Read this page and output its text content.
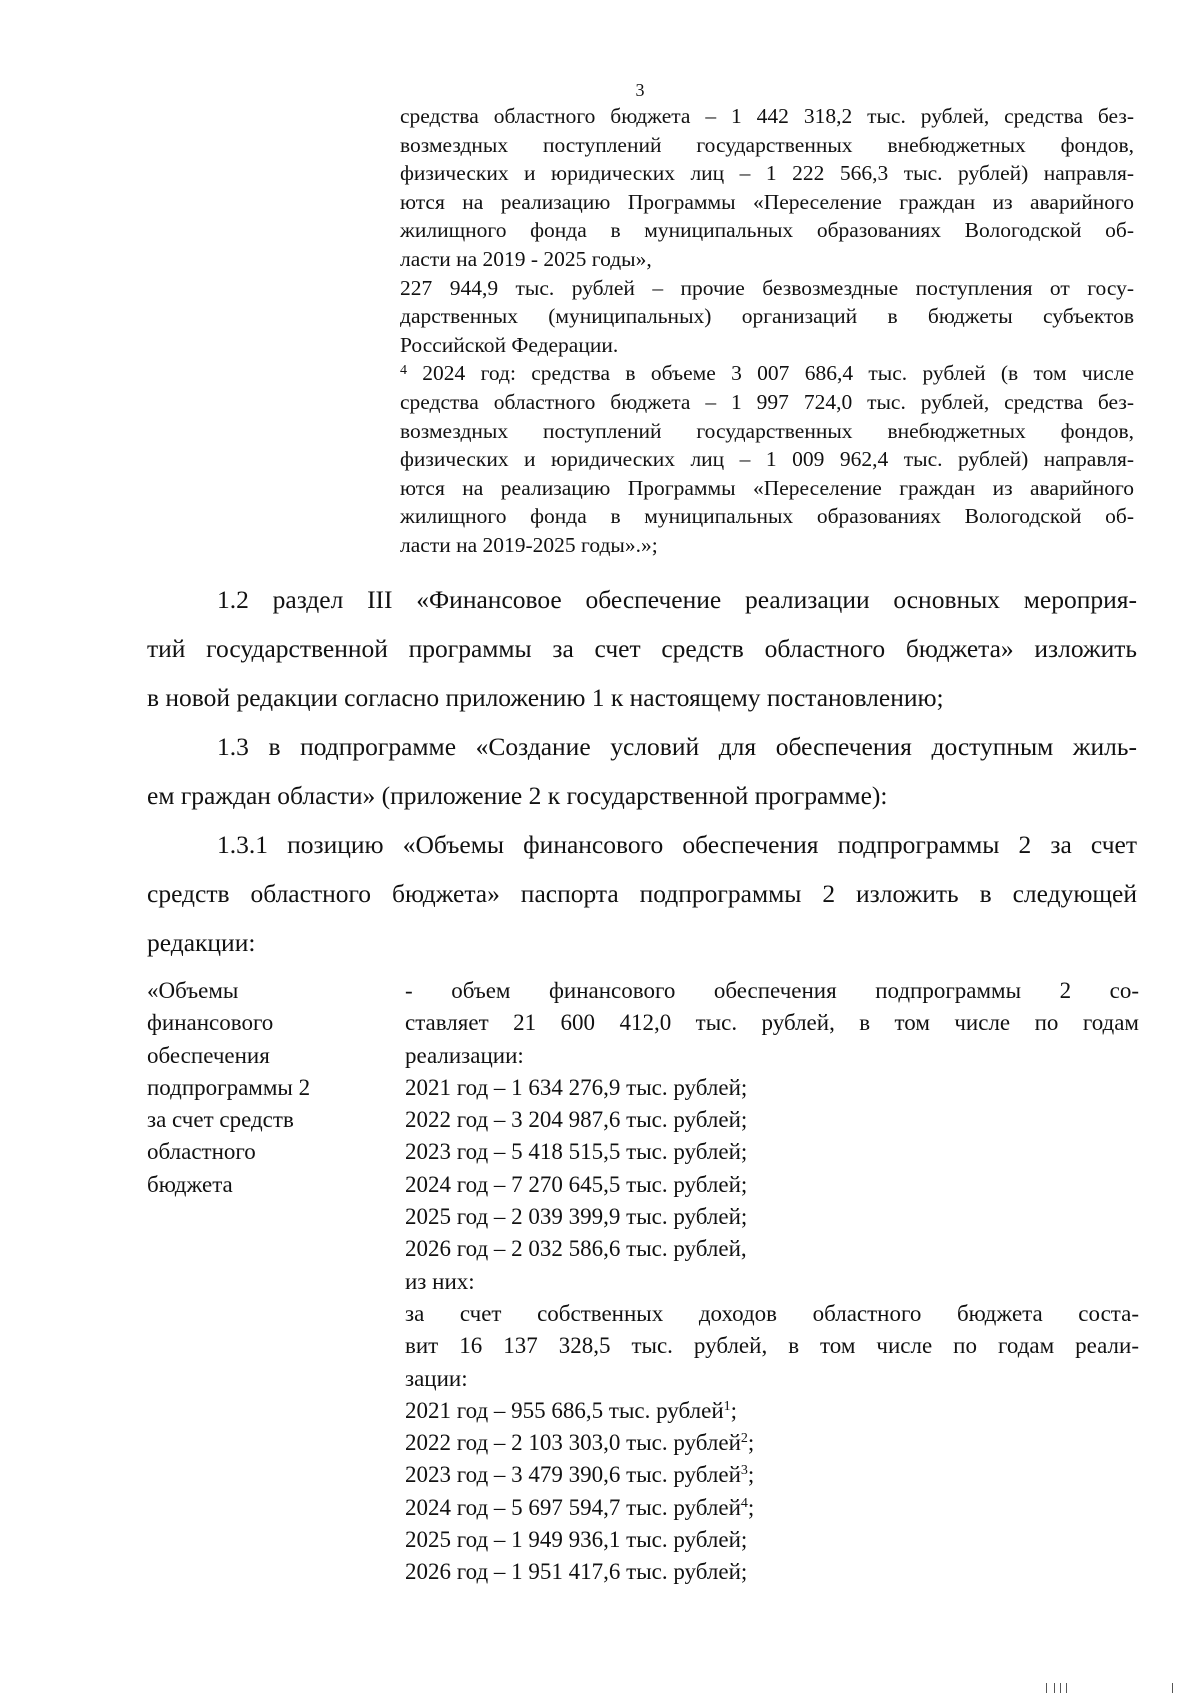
3
средства областного бюджета – 1 442 318,2 тыс. рублей, средства без-
возмездных поступлений государственных внебюджетных фондов,
физических и юридических лиц – 1 222 566,3 тыс. рублей) направля-
ются на реализацию Программы «Переселение граждан из аварийного
жилищного фонда в муниципальных образованиях Вологодской об-
ласти на 2019 - 2025 годы»,
227 944,9 тыс. рублей – прочие безвозмездные поступления от госу-
дарственных (муниципальных) организаций в бюджеты субъектов
Российской Федерации.
$^4$ 2024 год: средства в объеме 3 007 686,4 тыс. рублей (в том числе
средства областного бюджета – 1 997 724,0 тыс. рублей, средства без-
возмездных поступлений государственных внебюджетных фондов,
физических и юридических лиц – 1 009 962,4 тыс. рублей) направля-
ются на реализацию Программы «Переселение граждан из аварийного
жилищного фонда в муниципальных образованиях Вологодской об-
ласти на 2019-2025 годы».»;
1.2 раздел III «Финансовое обеспечение реализации основных мероприя-
тий государственной программы за счет средств областного бюджета» изложить
в новой редакции согласно приложению 1 к настоящему постановлению;
1.3 в подпрограмме «Создание условий для обеспечения доступным жиль-
ем граждан области» (приложение 2 к государственной программе):
1.3.1 позицию «Объемы финансового обеспечения подпрограммы 2 за счет
средств областного бюджета» паспорта подпрограммы 2 изложить в следующей
редакции:
«Объемы
финансового
обеспечения
подпрограммы 2
за счет средств
областного
бюджета
- объем финансового обеспечения подпрограммы 2 со-
ставляет 21 600 412,0 тыс. рублей, в том числе по годам
реализации:
2021 год – 1 634 276,9 тыс. рублей;
2022 год – 3 204 987,6 тыс. рублей;
2023 год – 5 418 515,5 тыс. рублей;
2024 год – 7 270 645,5 тыс. рублей;
2025 год – 2 039 399,9 тыс. рублей;
2026 год – 2 032 586,6 тыс. рублей,
из них:
за счет собственных доходов областного бюджета соста-
вит 16 137 328,5 тыс. рублей, в том числе по годам реали-
зации:
2021 год – 955 686,5 тыс. рублей$^1$;
2022 год – 2 103 303,0 тыс. рублей$^2$;
2023 год – 3 479 390,6 тыс. рублей$^3$;
2024 год – 5 697 594,7 тыс. рублей$^4$;
2025 год – 1 949 936,1 тыс. рублей;
2026 год – 1 951 417,6 тыс. рублей;
